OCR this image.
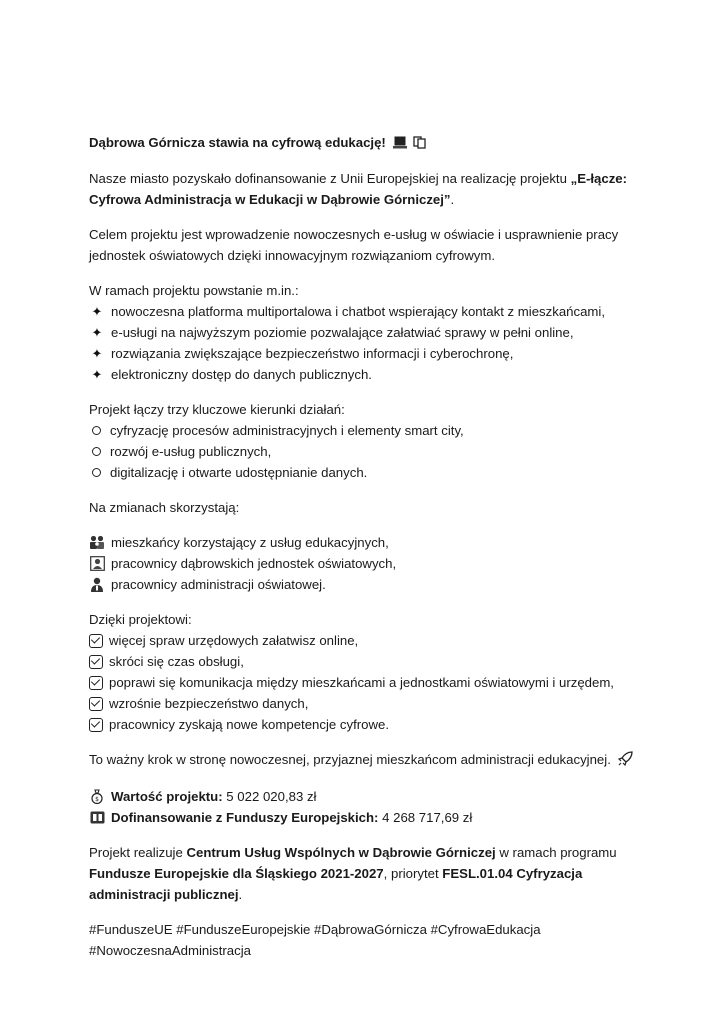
Dąbrowa Górnicza stawia na cyfrową edukację!
Nasze miasto pozyskało dofinansowanie z Unii Europejskiej na realizację projektu „E-łącze: Cyfrowa Administracja w Edukacji w Dąbrowie Górniczej”.
Celem projektu jest wprowadzenie nowoczesnych e-usług w oświacie i usprawnienie pracy jednostek oświatowych dzięki innowacyjnym rozwiązaniom cyfrowym.
W ramach projektu powstanie m.in.:
✦ nowoczesna platforma multiportalowa i chatbot wspierający kontakt z mieszkańcami,
✦ e-usługi na najwyższym poziomie pozwalające załatwiać sprawy w pełni online,
✦ rozwiązania zwiększające bezpieczeństwo informacji i cyberochronę,
✦ elektroniczny dostęp do danych publicznych.
Projekt łączy trzy kluczowe kierunki działań:
cyfryzację procesów administracyjnych i elementy smart city,
rozwój e-usług publicznych,
digitalizację i otwarte udostępnianie danych.
Na zmianach skorzystają:
mieszkańcy korzystający z usług edukacyjnych,
pracownicy dąbrowskich jednostek oświatowych,
pracownicy administracji oświatowej.
Dzięki projektowi:
więcej spraw urzędowych załatwisz online,
skróci się czas obsługi,
poprawi się komunikacja między mieszkańcami a jednostkami oświatowymi i urzędem,
wzrośnie bezpieczeństwo danych,
pracownicy zyskają nowe kompetencje cyfrowe.
To ważny krok w stronę nowoczesnej, przyjaznej mieszkańcom administracji edukacyjnej.
$ Wartość projektu:
5 022 020,83 zł
Dofinansowanie z Funduszy Europejskich:
4 268 717,69 zł
Projekt realizuje Centrum Usług Wspólnych w Dąbrowie Górniczej w ramach programu Fundusze Europejskie dla Śląskiego 2021-2027, priorytet FESL.01.04 Cyfryzacja administracji publicznej.
#FunduszeUE #FunduszeEuropejskie #DąbrowaGórnicza #CyfrowaEdukacja
#NowoczesnaAdministracja
